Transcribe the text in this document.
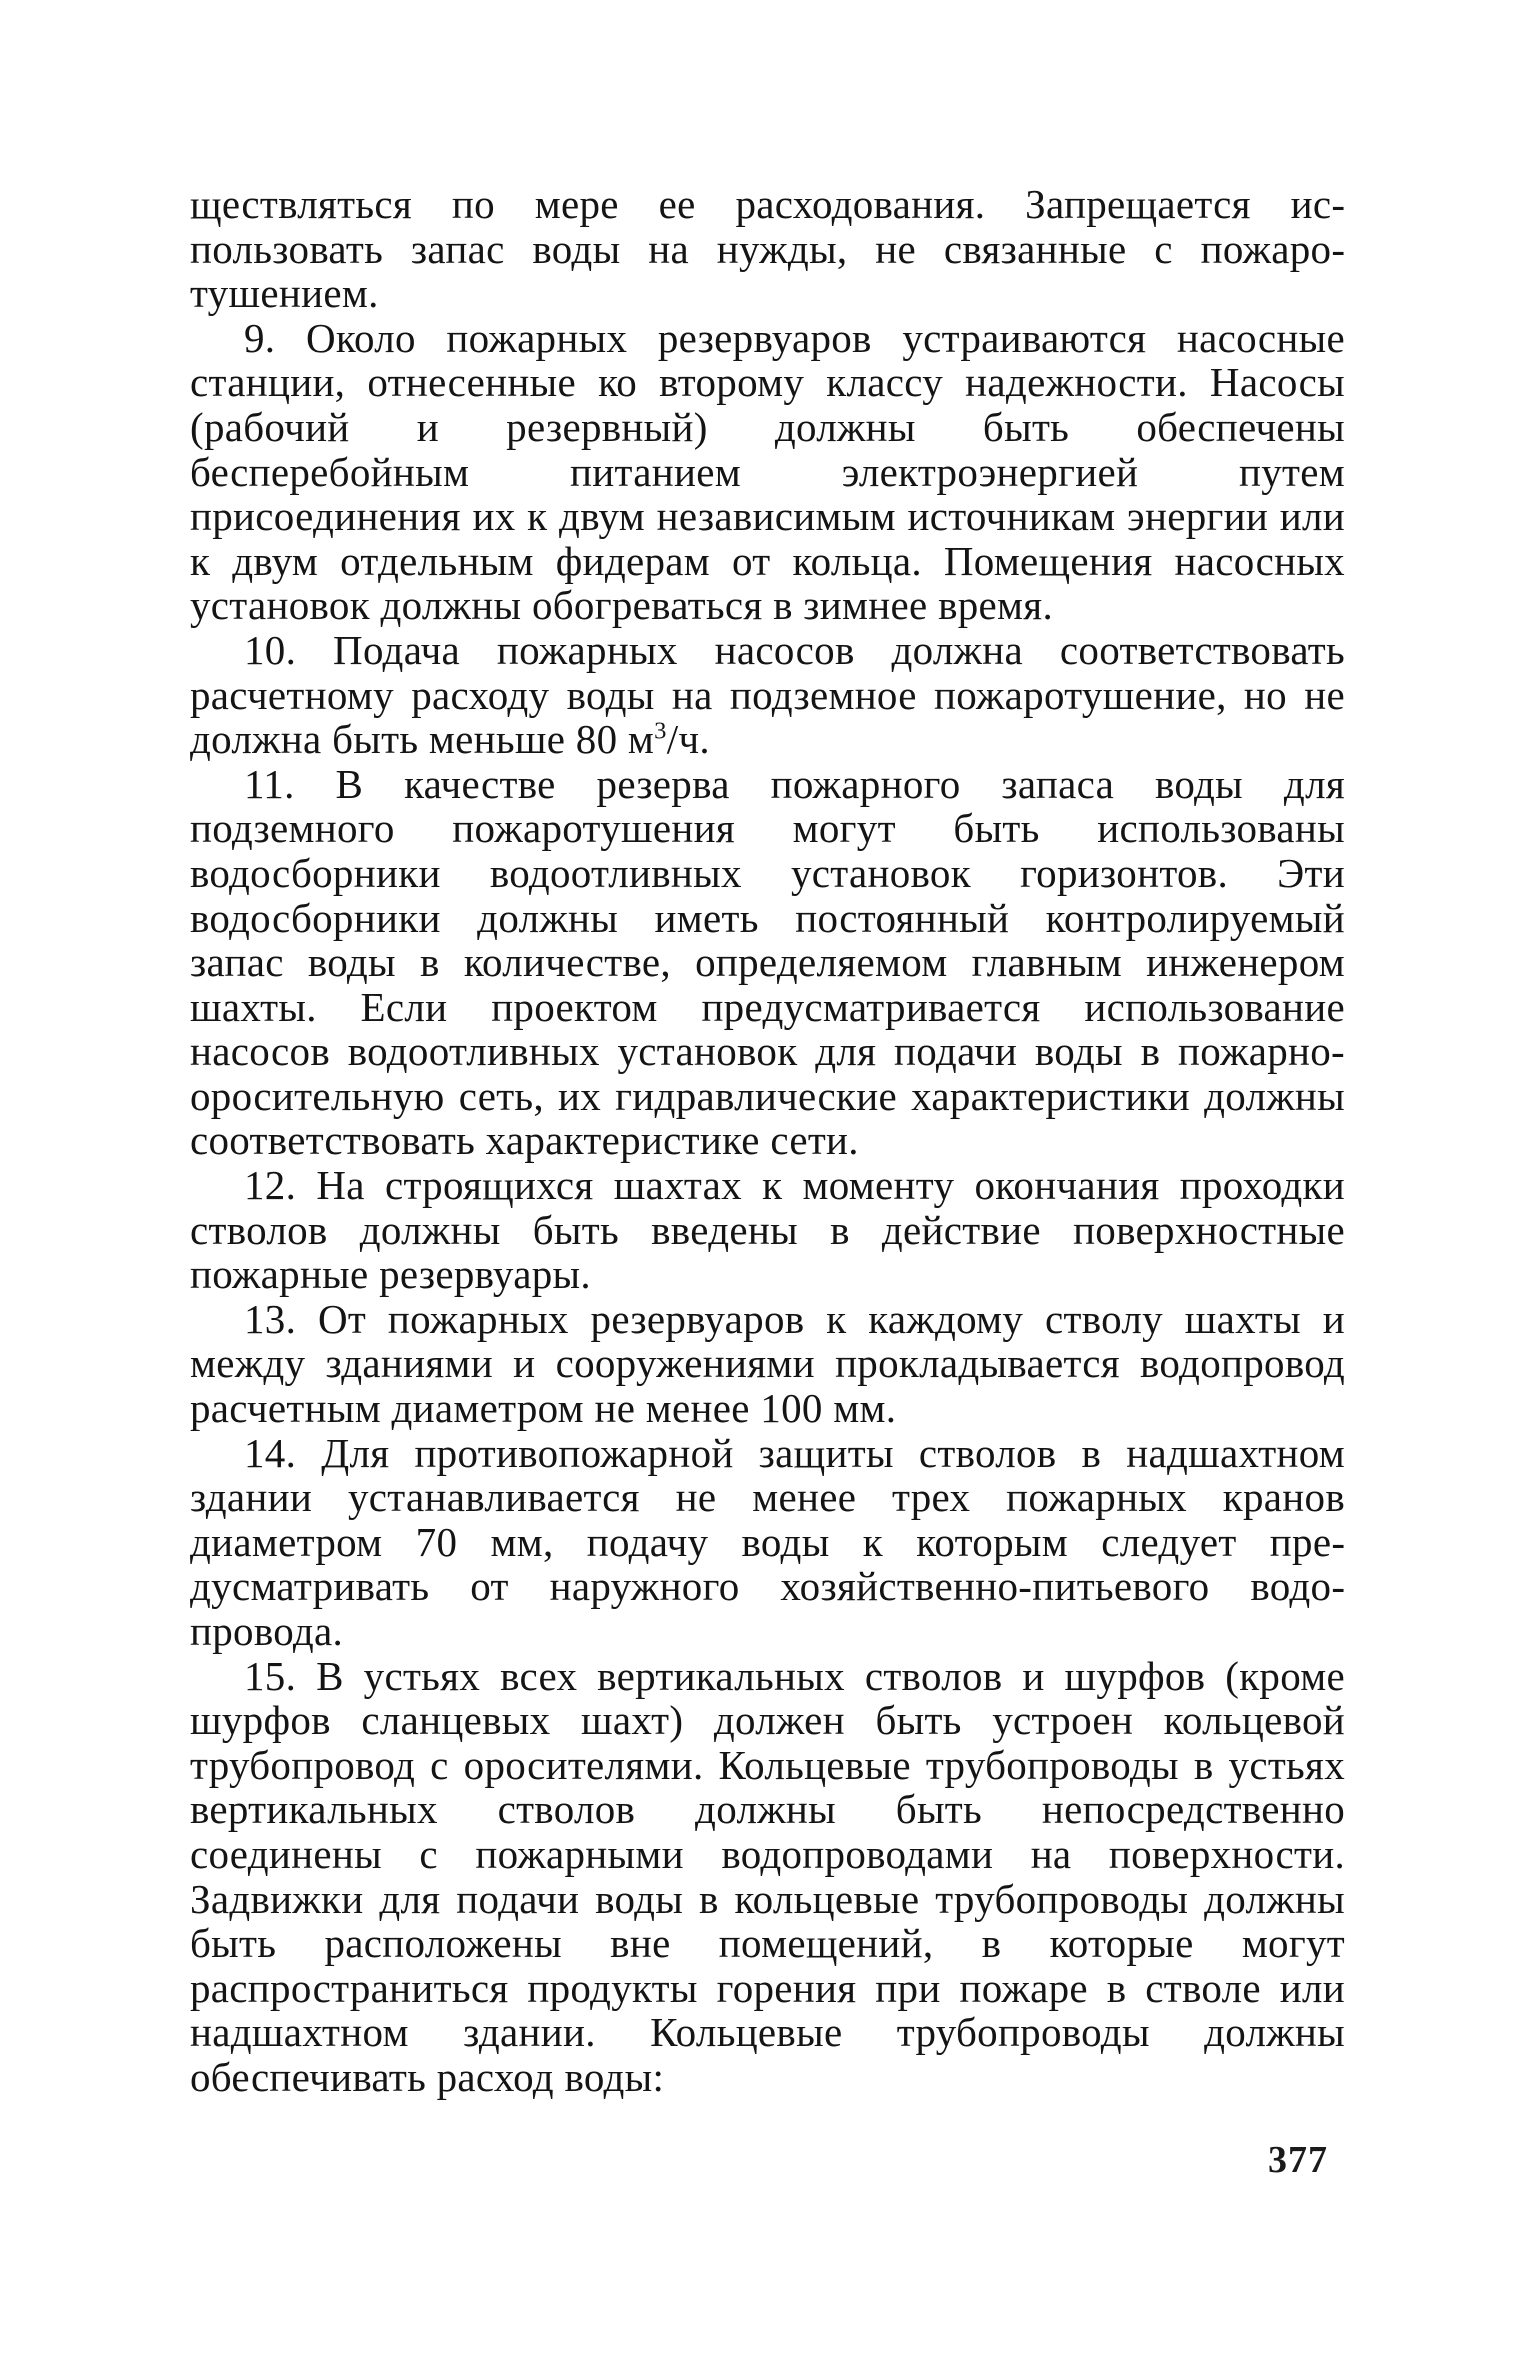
ществляться по мере ее расходования. Запрещается использовать запас воды на нужды, не связанные с пожаротушением.

9. Около пожарных резервуаров устраиваются насосные станции, отнесенные ко второму классу надежности. Насосы (рабочий и резервный) должны быть обеспечены бесперебойным питанием электроэнергией путем присоединения их к двум независимым источникам энергии или к двум отдельным фидерам от кольца. Помещения насосных установок должны обогреваться в зимнее время.

10. Подача пожарных насосов должна соответствовать расчетному расходу воды на подземное пожаротушение, но не должна быть меньше 80 $м^3/ч$.

11. В качестве резерва пожарного запаса воды для подземного пожаротушения могут быть использованы водосборники водоотливных установок горизонтов. Эти водосборники должны иметь постоянный контролируемый запас воды в количестве, определяемом главным инженером шахты. Если проектом предусматривается использование насосов водоотливных установок для подачи воды в пожарно-оросительную сеть, их гидравлические характеристики должны соответствовать характеристике сети.

12. На строящихся шахтах к моменту окончания проходки стволов должны быть введены в действие поверхностные пожарные резервуары.

13. От пожарных резервуаров к каждому стволу шахты и между зданиями и сооружениями прокладывается водопровод расчетным диаметром не менее 100 мм.

14. Для противопожарной защиты стволов в надшахтном здании устанавливается не менее трех пожарных кранов диаметром 70 мм, подачу воды к которым следует предусматривать от наружного хозяйственно-питьевого водопровода.

15. В устьях всех вертикальных стволов и шурфов (кроме шурфов сланцевых шахт) должен быть устроен кольцевой трубопровод с оросителями. Кольцевые трубопроводы в устьях вертикальных стволов должны быть непосредственно соединены с пожарными водопроводами на поверхности. Задвижки для подачи воды в кольцевые трубопроводы должны быть расположены вне помещений, в которые могут распространиться продукты горения при пожаре в стволе или надшахтном здании. Кольцевые трубопроводы должны обеспечивать расход воды:

377
